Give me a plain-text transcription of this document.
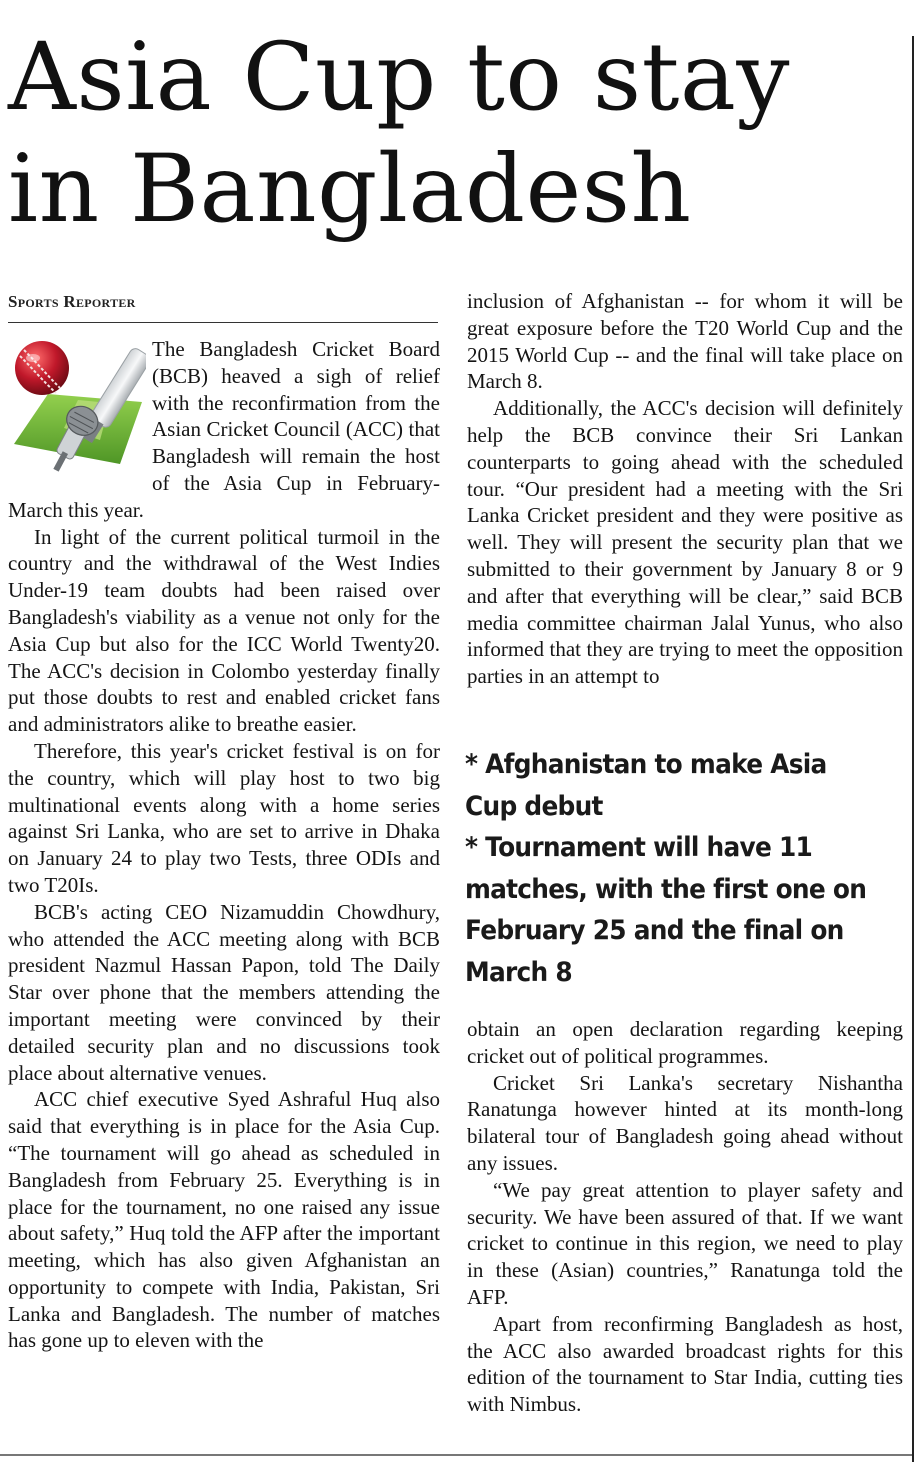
Asia Cup to stay in Bangladesh
Sports Reporter

The Bangladesh Cricket Board (BCB) heaved a sigh of relief with the reconfirmation from the Asian Cricket Council (ACC) that Bangladesh will remain the host of the Asia Cup in February-March this year.

In light of the current political turmoil in the country and the withdrawal of the West Indies Under-19 team doubts had been raised over Bangladesh's viability as a venue not only for the Asia Cup but also for the ICC World Twenty20. The ACC's decision in Colombo yesterday finally put those doubts to rest and enabled cricket fans and administrators alike to breathe easier.

Therefore, this year's cricket festival is on for the country, which will play host to two big multinational events along with a home series against Sri Lanka, who are set to arrive in Dhaka on January 24 to play two Tests, three ODIs and two T20Is.

BCB's acting CEO Nizamuddin Chowdhury, who attended the ACC meeting along with BCB president Nazmul Hassan Papon, told The Daily Star over phone that the members attending the important meeting were convinced by their detailed security plan and no discussions took place about alternative venues.

ACC chief executive Syed Ashraful Huq also said that everything is in place for the Asia Cup. “The tournament will go ahead as scheduled in Bangladesh from February 25. Everything is in place for the tournament, no one raised any issue about safety,” Huq told the AFP after the important meeting, which has also given Afghanistan an opportunity to compete with India, Pakistan, Sri Lanka and Bangladesh. The number of matches has gone up to eleven with the

inclusion of Afghanistan -- for whom it will be great exposure before the T20 World Cup and the 2015 World Cup -- and the final will take place on March 8.

Additionally, the ACC's decision will definitely help the BCB convince their Sri Lankan counterparts to going ahead with the scheduled tour. “Our president had a meeting with the Sri Lanka Cricket president and they were positive as well. They will present the security plan that we submitted to their government by January 8 or 9 and after that everything will be clear,” said BCB media committee chairman Jalal Yunus, who also informed that they are trying to meet the opposition parties in an attempt to

* Afghanistan to make Asia Cup debut
* Tournament will have 11 matches, with the first one on February 25 and the final on March 8

obtain an open declaration regarding keeping cricket out of political programmes.

Cricket Sri Lanka's secretary Nishantha Ranatunga however hinted at its month-long bilateral tour of Bangladesh going ahead without any issues.

“We pay great attention to player safety and security. We have been assured of that. If we want cricket to continue in this region, we need to play in these (Asian) countries,” Ranatunga told the AFP.

Apart from reconfirming Bangladesh as host, the ACC also awarded broadcast rights for this edition of the tournament to Star India, cutting ties with Nimbus.
